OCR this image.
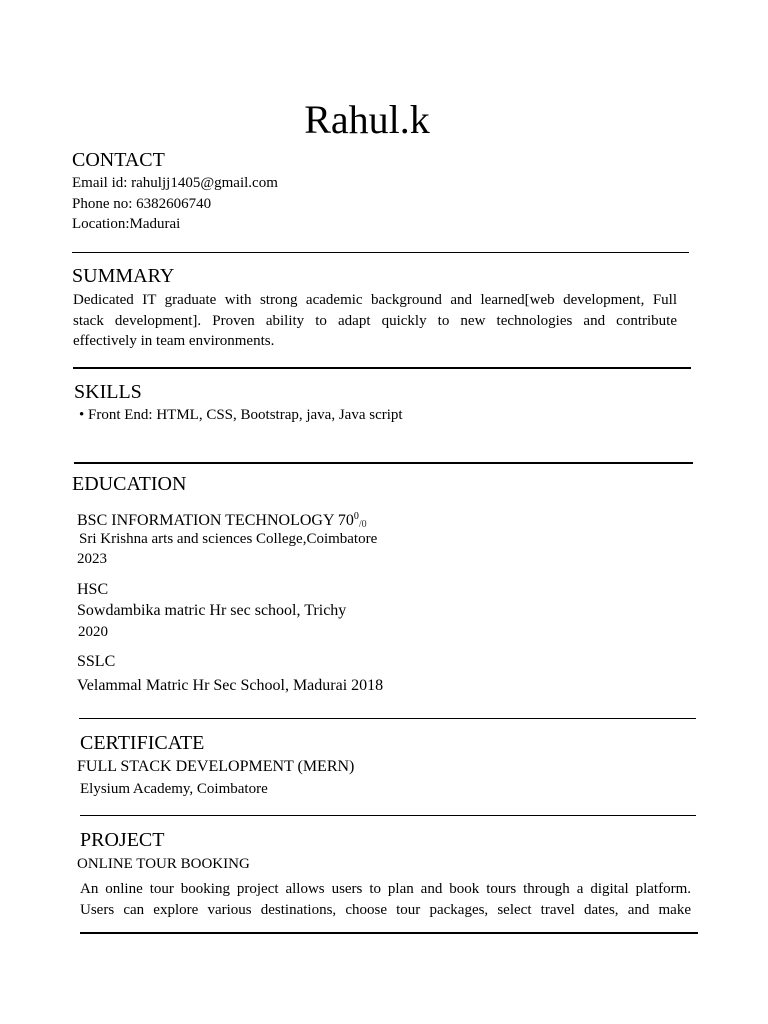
Rahul.k
CONTACT
Email id: rahuljj1405@gmail.com
Phone no: 6382606740
Location:Madurai
SUMMARY
Dedicated IT graduate with strong academic background and learned[web development, Full
stack development]. Proven ability to adapt quickly to new technologies and contribute
effectively in team environments.
SKILLS
• Front End: HTML, CSS, Bootstrap, java, Java script
EDUCATION
BSC INFORMATION TECHNOLOGY $70^0_{/0}$
Sri Krishna arts and sciences College,Coimbatore
2023
HSC
Sowdambika matric Hr sec school, Trichy
2020
SSLC
Velammal Matric Hr Sec School, Madurai 2018
CERTIFICATE
FULL STACK DEVELOPMENT (MERN)
Elysium Academy, Coimbatore
PROJECT
ONLINE TOUR BOOKING
An online tour booking project allows users to plan and book tours through a digital platform.
Users can explore various destinations, choose tour packages, select travel dates, and make
